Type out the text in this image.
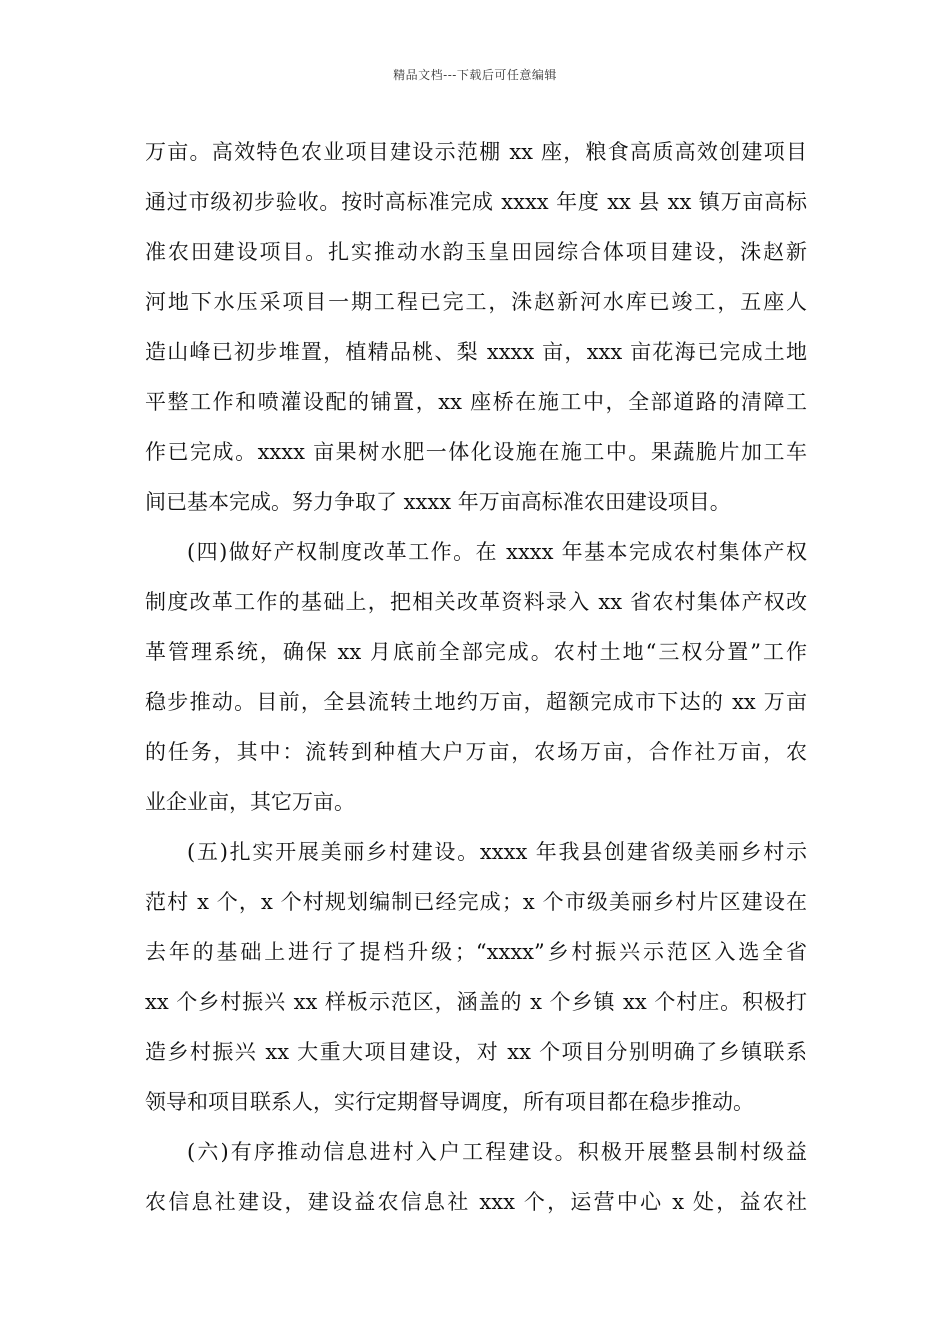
精品文档---下载后可任意编辑
万亩。高效特色农业项目建设示范棚 xx 座，粮食高质高效创建项目
通过市级初步验收。按时高标准完成 xxxx 年度 xx 县 xx 镇万亩高标
准农田建设项目。扎实推动水韵玉皇田园综合体项目建设，洙赵新
河地下水压采项目一期工程已完工，洙赵新河水库已竣工，五座人
造山峰已初步堆置，植精品桃、梨 xxxx 亩，xxx 亩花海已完成土地
平整工作和喷灌设配的铺置，xx 座桥在施工中，全部道路的清障工
作已完成。xxxx 亩果树水肥一体化设施在施工中。果蔬脆片加工车
间已基本完成。努力争取了 xxxx 年万亩高标准农田建设项目。
(四)做好产权制度改革工作。在 xxxx 年基本完成农村集体产权
制度改革工作的基础上，把相关改革资料录入 xx 省农村集体产权改
革管理系统，确保 xx 月底前全部完成。农村土地“三权分置”工作
稳步推动。目前，全县流转土地约万亩，超额完成市下达的 xx 万亩
的任务，其中：流转到种植大户万亩，农场万亩，合作社万亩，农
业企业亩，其它万亩。
(五)扎实开展美丽乡村建设。xxxx 年我县创建省级美丽乡村示
范村 x 个，x 个村规划编制已经完成；x 个市级美丽乡村片区建设在
去年的基础上进行了提档升级；“xxxx”乡村振兴示范区入选全省
xx 个乡村振兴 xx 样板示范区，涵盖的 x 个乡镇 xx 个村庄。积极打
造乡村振兴 xx 大重大项目建设，对 xx 个项目分别明确了乡镇联系
领导和项目联系人，实行定期督导调度，所有项目都在稳步推动。
(六)有序推动信息进村入户工程建设。积极开展整县制村级益
农信息社建设，建设益农信息社 xxx 个，运营中心 x 处，益农社
